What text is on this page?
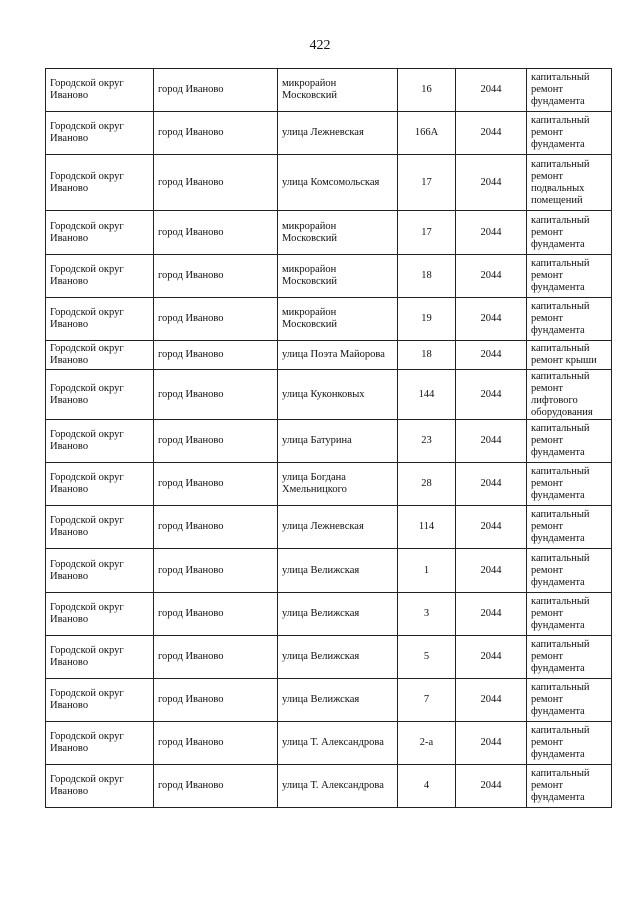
422
Городской округ Иваново	город Иваново	микрорайон Московский	16	2044	капитальный ремонт фундамента
Городской округ Иваново	город Иваново	улица Лежневская	166А	2044	капитальный ремонт фундамента
Городской округ Иваново	город Иваново	улица Комсомольская	17	2044	капитальный ремонт подвальных помещений
Городской округ Иваново	город Иваново	микрорайон Московский	17	2044	капитальный ремонт фундамента
Городской округ Иваново	город Иваново	микрорайон Московский	18	2044	капитальный ремонт фундамента
Городской округ Иваново	город Иваново	микрорайон Московский	19	2044	капитальный ремонт фундамента
Городской округ Иваново	город Иваново	улица Поэта Майорова	18	2044	капитальный ремонт крыши
Городской округ Иваново	город Иваново	улица Куконковых	144	2044	капитальный ремонт лифтового оборудования
Городской округ Иваново	город Иваново	улица Батурина	23	2044	капитальный ремонт фундамента
Городской округ Иваново	город Иваново	улица Богдана Хмельницкого	28	2044	капитальный ремонт фундамента
Городской округ Иваново	город Иваново	улица Лежневская	114	2044	капитальный ремонт фундамента
Городской округ Иваново	город Иваново	улица Велижская	1	2044	капитальный ремонт фундамента
Городской округ Иваново	город Иваново	улица Велижская	3	2044	капитальный ремонт фундамента
Городской округ Иваново	город Иваново	улица Велижская	5	2044	капитальный ремонт фундамента
Городской округ Иваново	город Иваново	улица Велижская	7	2044	капитальный ремонт фундамента
Городской округ Иваново	город Иваново	улица Т. Александрова	2-а	2044	капитальный ремонт фундамента
Городской округ Иваново	город Иваново	улица Т. Александрова	4	2044	капитальный ремонт фундамента
